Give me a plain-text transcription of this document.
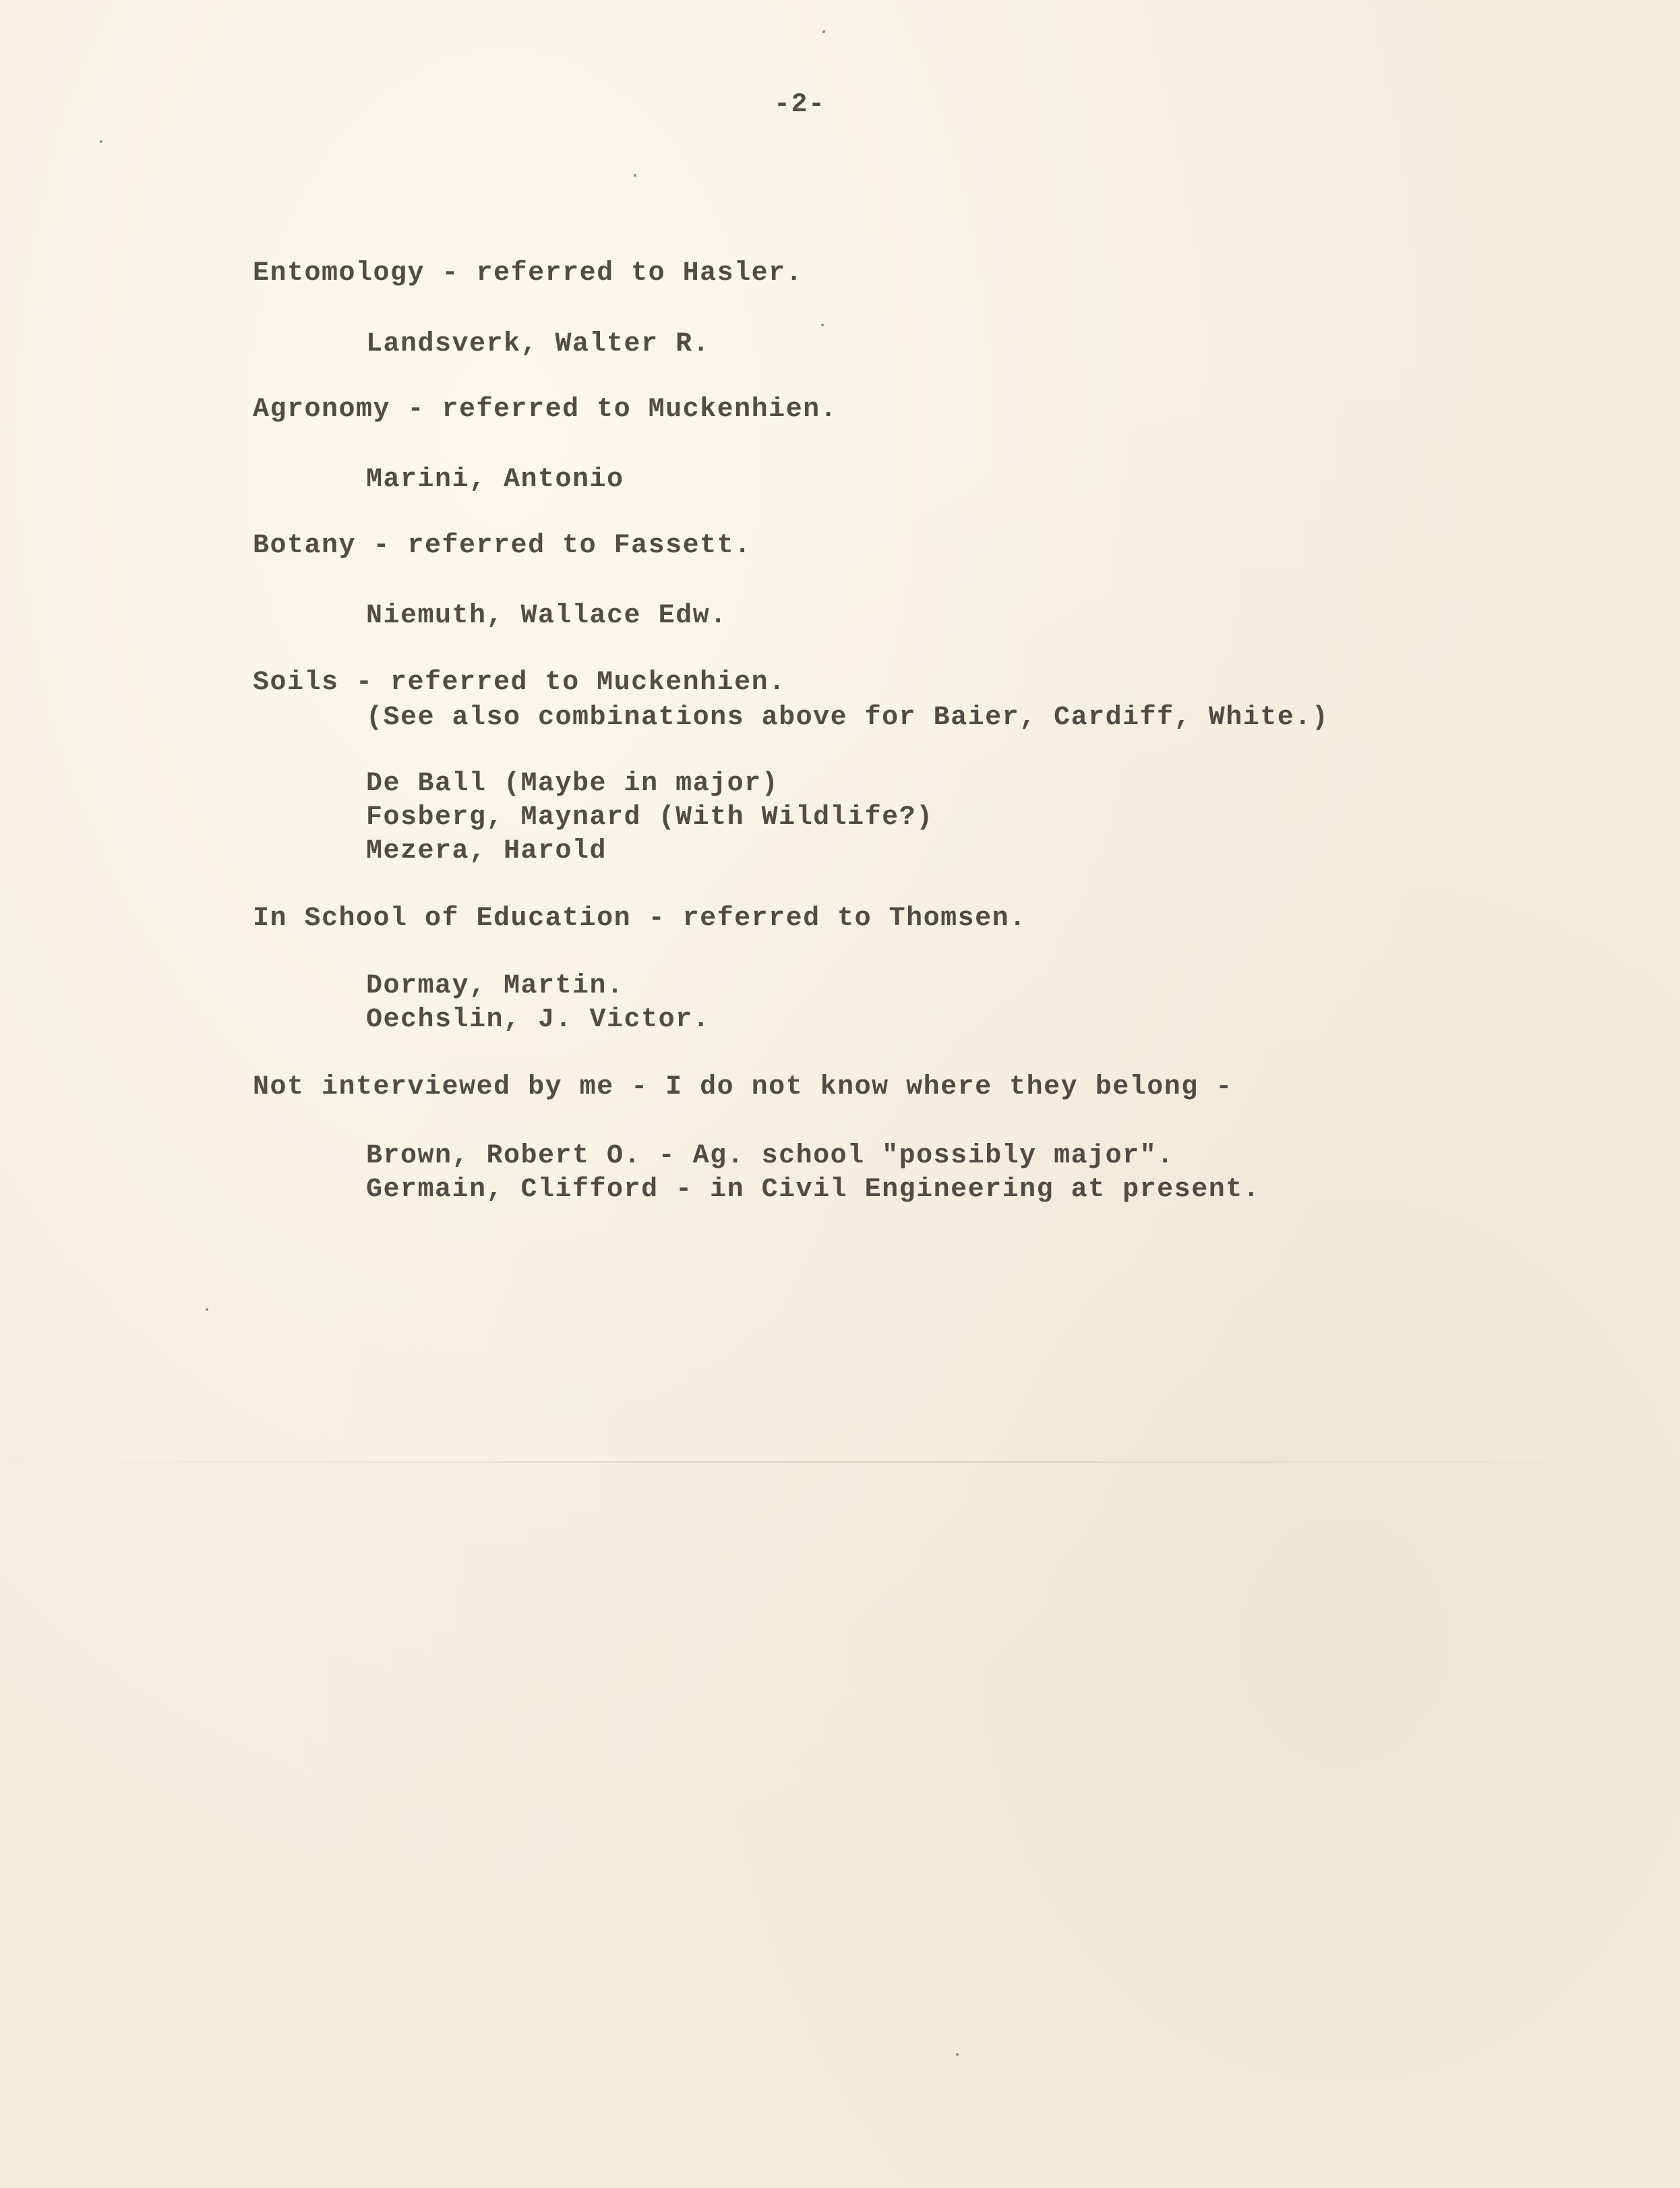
-2-
Entomology - referred to Hasler.
Landsverk, Walter R.
Agronomy - referred to Muckenhien.
Marini, Antonio
Botany - referred to Fassett.
Niemuth, Wallace Edw.
Soils - referred to Muckenhien.
(See also combinations above for Baier, Cardiff, White.)
De Ball (Maybe in major)
Fosberg, Maynard (With Wildlife?)
Mezera, Harold
In School of Education - referred to Thomsen.
Dormay, Martin.
Oechslin, J. Victor.
Not interviewed by me - I do not know where they belong -
Brown, Robert O. - Ag. school "possibly major".
Germain, Clifford - in Civil Engineering at present.
